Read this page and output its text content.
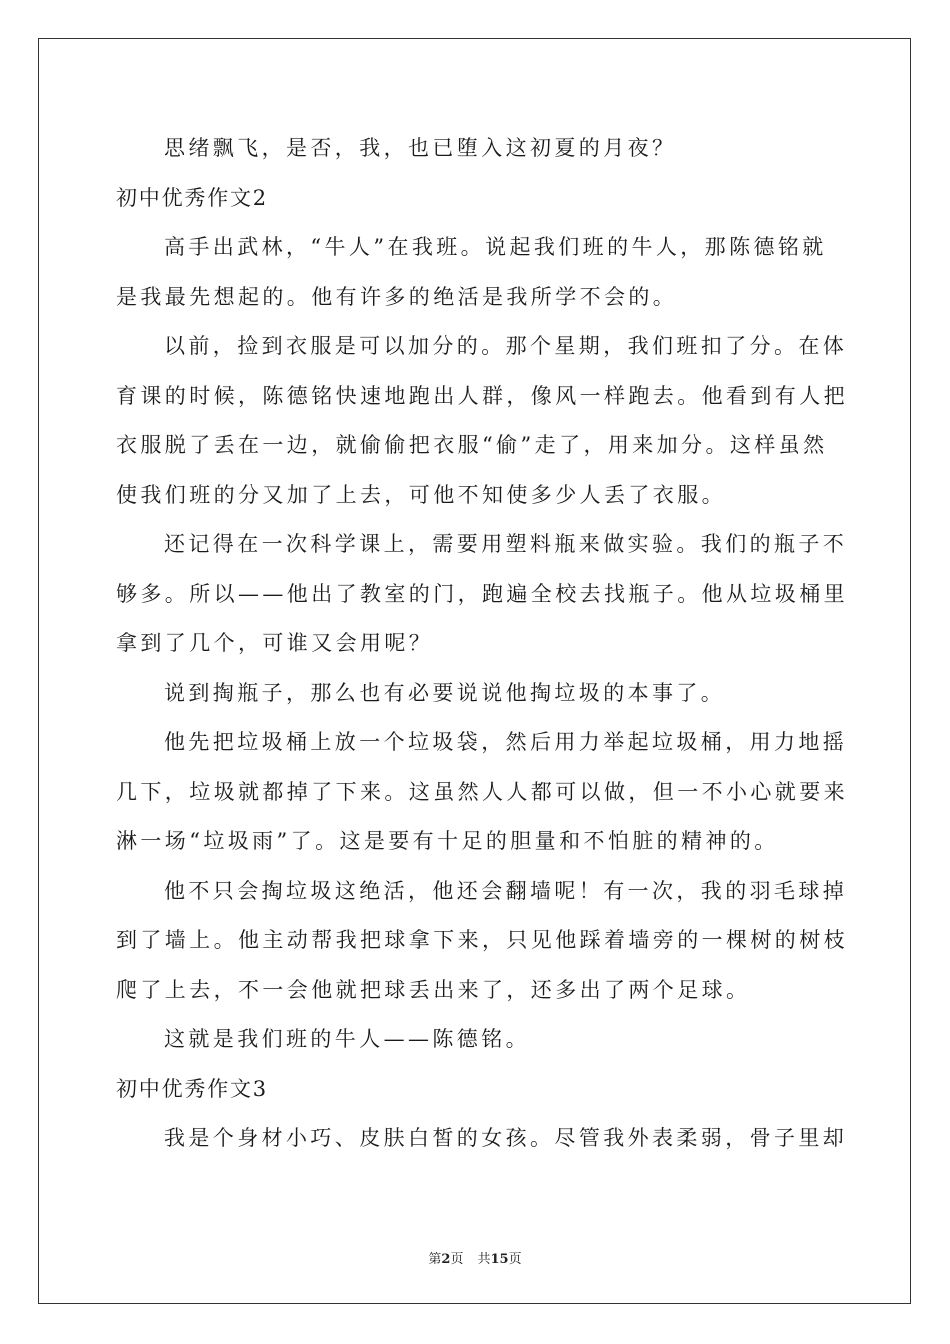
思绪飘飞，是否，我，也已堕入这初夏的月夜？
初中优秀作文2
高手出武林，“牛人”在我班。说起我们班的牛人，那陈德铭就
是我最先想起的。他有许多的绝活是我所学不会的。
以前，捡到衣服是可以加分的。那个星期，我们班扣了分。在体
育课的时候，陈德铭快速地跑出人群，像风一样跑去。他看到有人把
衣服脱了丢在一边，就偷偷把衣服“偷”走了，用来加分。这样虽然
使我们班的分又加了上去，可他不知使多少人丢了衣服。
还记得在一次科学课上，需要用塑料瓶来做实验。我们的瓶子不
够多。所以——他出了教室的门，跑遍全校去找瓶子。他从垃圾桶里
拿到了几个，可谁又会用呢？
说到掏瓶子，那么也有必要说说他掏垃圾的本事了。
他先把垃圾桶上放一个垃圾袋，然后用力举起垃圾桶，用力地摇
几下，垃圾就都掉了下来。这虽然人人都可以做，但一不小心就要来
淋一场“垃圾雨”了。这是要有十足的胆量和不怕脏的精神的。
他不只会掏垃圾这绝活，他还会翻墙呢！有一次，我的羽毛球掉
到了墙上。他主动帮我把球拿下来，只见他踩着墙旁的一棵树的树枝
爬了上去，不一会他就把球丢出来了，还多出了两个足球。
这就是我们班的牛人——陈德铭。
初中优秀作文3
我是个身材小巧、皮肤白皙的女孩。尽管我外表柔弱，骨子里却
第2页 共15页
